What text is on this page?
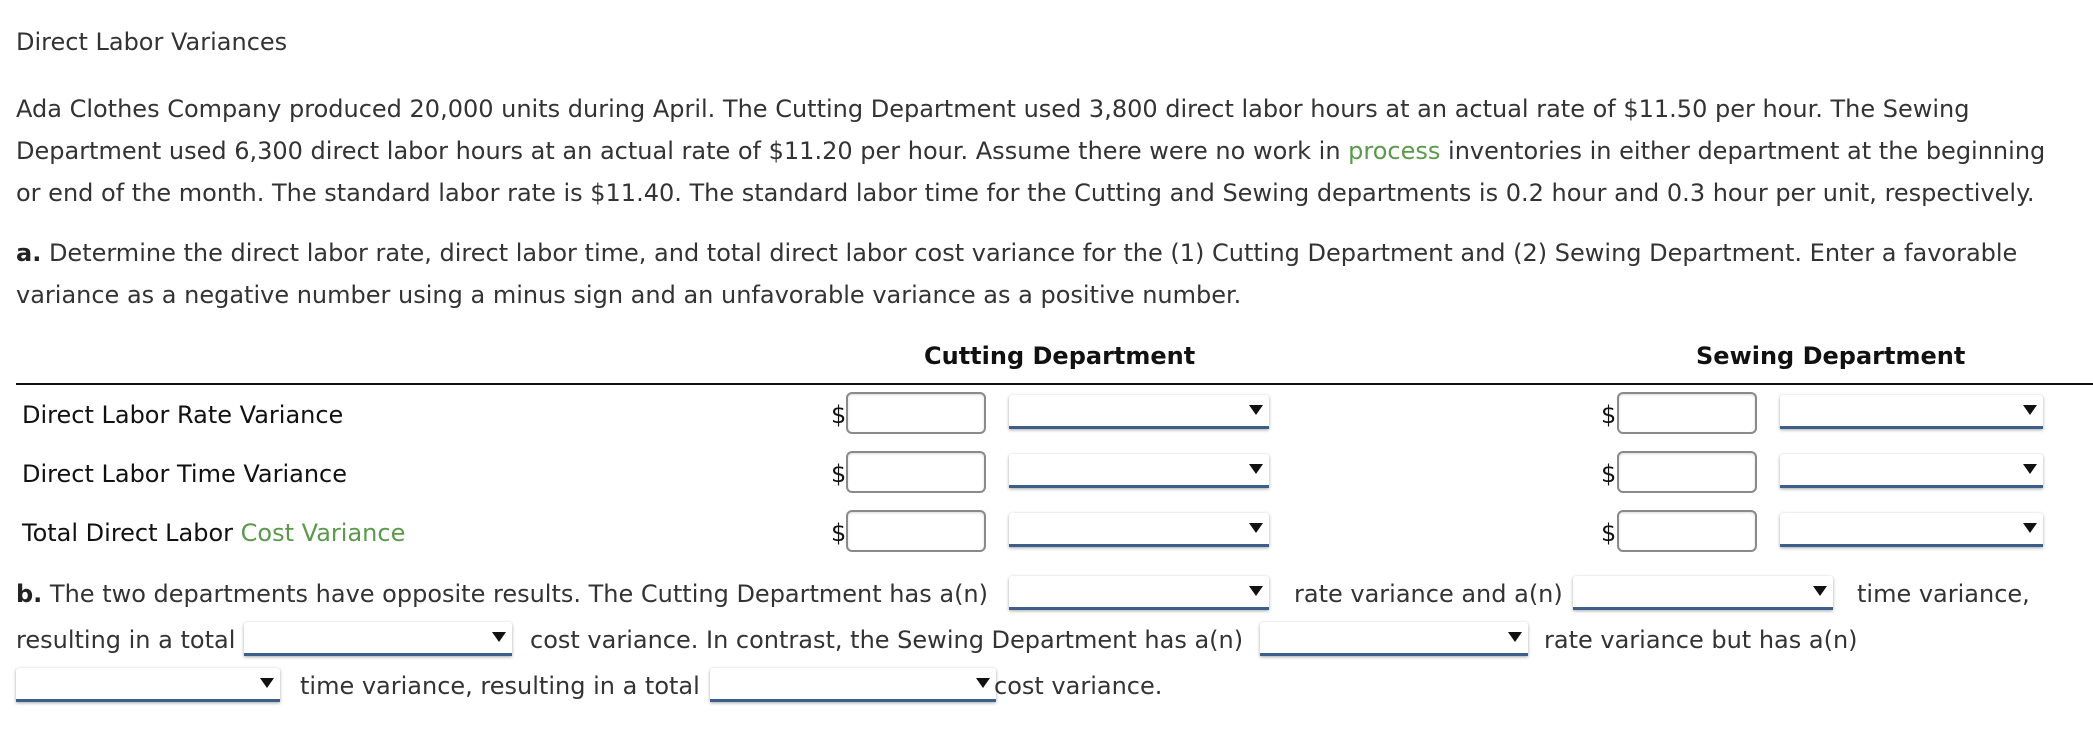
Direct Labor Variances
Ada Clothes Company produced 20,000 units during April. The Cutting Department used 3,800 direct labor hours at an actual rate of $11.50 per hour. The Sewing Department used 6,300 direct labor hours at an actual rate of $11.20 per hour. Assume there were no work in process inventories in either department at the beginning or end of the month. The standard labor rate is $11.40. The standard labor time for the Cutting and Sewing departments is 0.2 hour and 0.3 hour per unit, respectively.
a. Determine the direct labor rate, direct labor time, and total direct labor cost variance for the (1) Cutting Department and (2) Sewing Department. Enter a favorable variance as a negative number using a minus sign and an unfavorable variance as a positive number.
Cutting Department	Sewing Department
Direct Labor Rate Variance	$	$
Direct Labor Time Variance	$	$
Total Direct Labor Cost Variance	$	$
b. The two departments have opposite results. The Cutting Department has a(n)	rate variance and a(n)	time variance,
resulting in a total	cost variance. In contrast, the Sewing Department has a(n)	rate variance but has a(n)
time variance, resulting in a total	cost variance.
